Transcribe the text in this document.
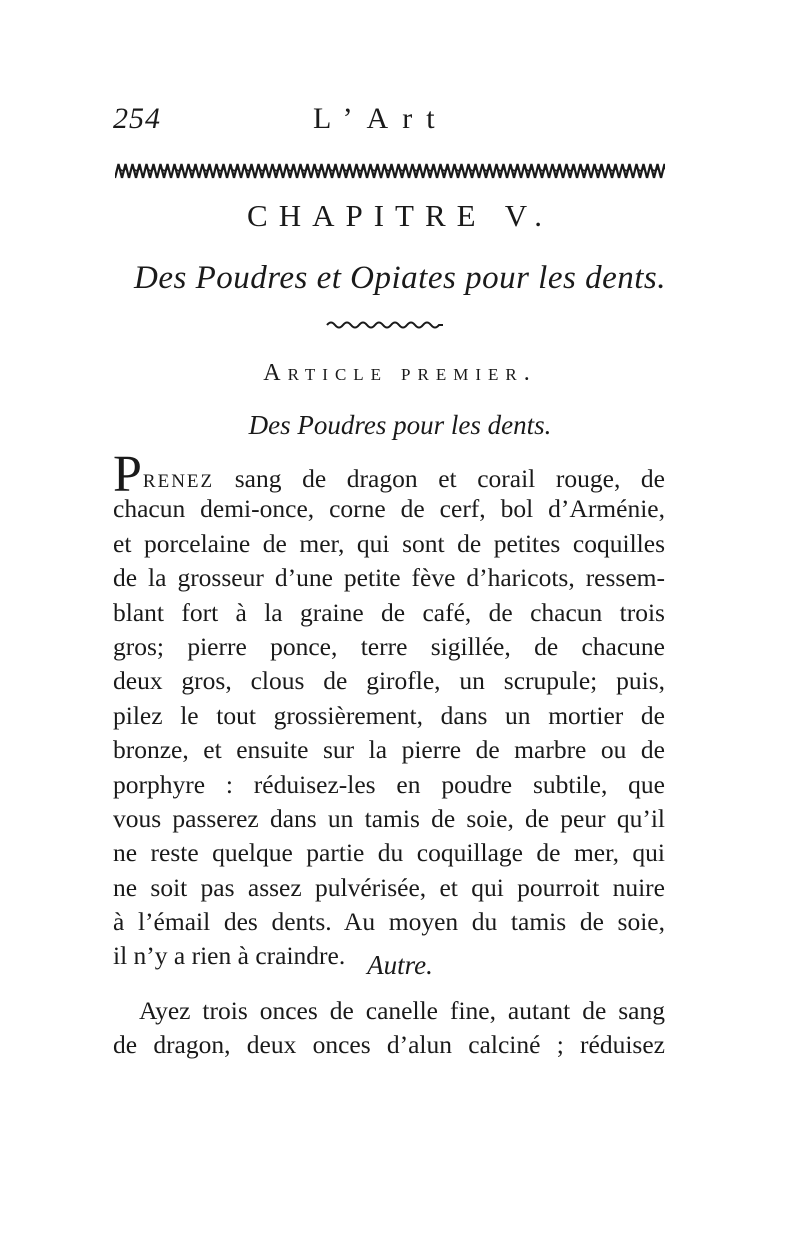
254	L’Art
CHAPITRE V.
Des Poudres et Opiates pour les dents.
Article premier.
Des Poudres pour les dents.
PRENEZ sang de dragon et corail rouge, de
chacun demi-once, corne de cerf, bol d’Arménie,
et porcelaine de mer, qui sont de petites coquilles
de la grosseur d’une petite fève d’haricots, ressem-
blant fort à la graine de café, de chacun trois
gros; pierre ponce, terre sigillée, de chacune
deux gros, clous de girofle, un scrupule; puis,
pilez le tout grossièrement, dans un mortier de
bronze, et ensuite sur la pierre de marbre ou de
porphyre : réduisez-les en poudre subtile, que
vous passerez dans un tamis de soie, de peur qu’il
ne reste quelque partie du coquillage de mer, qui
ne soit pas assez pulvérisée, et qui pourroit nuire
à l’émail des dents. Au moyen du tamis de soie,
il n’y a rien à craindre. Autre.
Ayez trois onces de canelle fine, autant de sang
de dragon, deux onces d’alun calciné ; réduisez
